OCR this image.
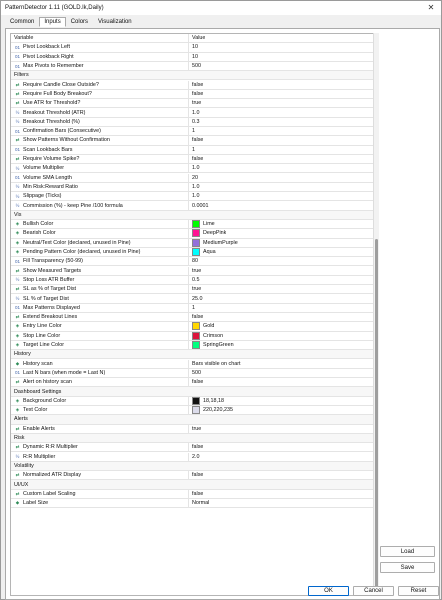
PatternDetector 1.11 (GOLD.lk,Daily)	✕
Common	Inputs	Colors	Visualization
Variable	Value
01 Pivot Lookback Left	10
01 Pivot Lookback Right	10
01 Max Pivots to Remember	500
Filters
⇄ Require Candle Close Outside?	false
⇄ Require Full Body Breakout?	false
⇄ Use ATR for Threshold?	true
½ Breakout Threshold (ATR)	1.0
½ Breakout Threshold (%)	0.3
01 Confirmation Bars (Consecutive)	1
⇄ Show Patterns Without Confirmation	false
01 Scan Lookback Bars	1
⇄ Require Volume Spike?	false
½ Volume Multiplier	1.0
01 Volume SMA Length	20
½ Min Risk:Reward Ratio	1.0
½ Slippage (Ticks)	1.0
½ Commission (%) - keep Pine /100 formula	0.0001
Vis
◈ Bullish Color	Lime
◈ Bearish Color	DeepPink
◈ Neutral/Text Color (declared, unused in Pine)	MediumPurple
◈ Pending Pattern Color (declared, unused in Pine)	Aqua
01 Fill Transparency (50-99)	80
⇄ Show Measured Targets	true
½ Stop Loss ATR Buffer	0.5
⇄ SL as % of Target Dist	true
½ SL % of Target Dist	25.0
01 Max Patterns Displayed	1
⇄ Extend Breakout Lines	false
◈ Entry Line Color	Gold
◈ Stop Line Color	Crimson
◈ Target Line Color	SpringGreen
History
◆ History scan	Bars visible on chart
01 Last N bars (when mode = Last N)	500
⇄ Alert on history scan	false
Dashboard Settings
◈ Background Color	18,18,18
◈ Text Color	220,220,235
Alerts
⇄ Enable Alerts	true
Risk
⇄ Dynamic R:R Multiplier	false
½ R:R Multiplier	2.0
Volatility
⇄ Normalized ATR Display	false
UI/UX
⇄ Custom Label Scaling	false
◆ Label Size	Normal
Load
Save
OK	Cancel	Reset
